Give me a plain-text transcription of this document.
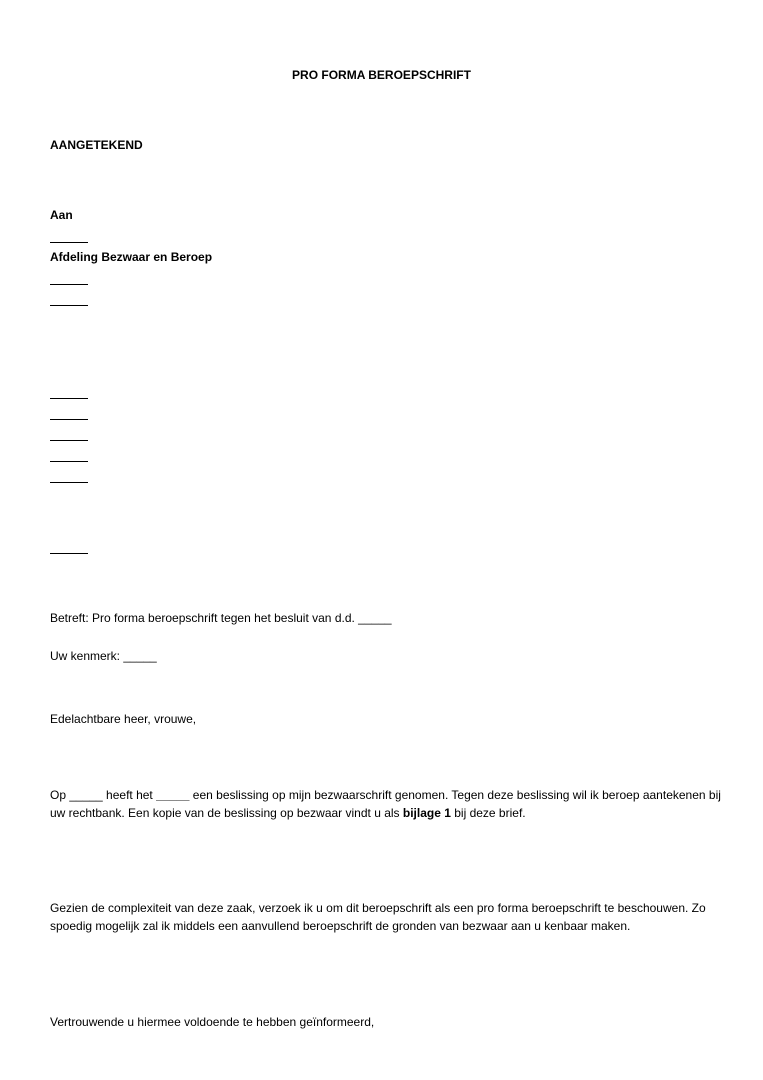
PRO FORMA BEROEPSCHRIFT
AANGETEKEND
Aan
Afdeling Bezwaar en Beroep
Betreft: Pro forma beroepschrift tegen het besluit van d.d. _____
Uw kenmerk: _____
Edelachtbare heer, vrouwe,
Op _____ heeft het _____ een beslissing op mijn bezwaarschrift genomen. Tegen deze beslissing wil ik beroep aantekenen bij uw rechtbank. Een kopie van de beslissing op bezwaar vindt u als bijlage 1 bij deze brief.
Gezien de complexiteit van deze zaak, verzoek ik u om dit beroepschrift als een pro forma beroepschrift te beschouwen. Zo spoedig mogelijk zal ik middels een aanvullend beroepschrift de gronden van bezwaar aan u kenbaar maken.
Vertrouwende u hiermee voldoende te hebben geïnformeerd,
